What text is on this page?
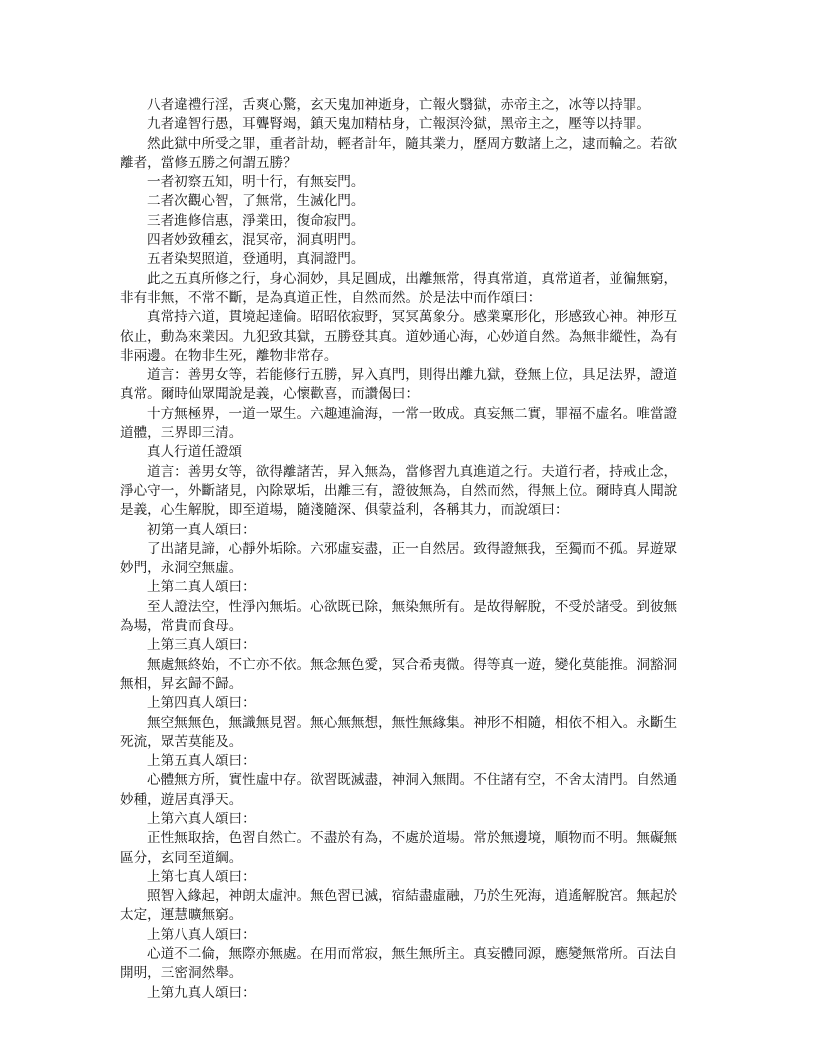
八者違禮行淫，舌爽心驚，玄天鬼加神逝身，亡報火翳獄，赤帝主之，冰等以持罪。

九者違智行愚，耳聾腎竭，鎮天鬼加精枯身，亡報溟泠獄，黑帝主之，壓等以持罪。

然此獄中所受之罪，重者計劫，輕者計年，隨其業力，歷周方數諸上之，逮而輪之。若欲
離者，當修五勝之何謂五勝？

一者初察五知，明十行，有無妄門。

二者次觀心智，了無常，生滅化門。

三者進修信惠，淨業田，復命寂門。

四者妙致種玄，混冥帝，洞真明門。

五者染契照道，登通明，真洞證門。

此之五真所修之行，身心洞妙，具足圓成，出離無常，得真常道，真常道者，並徧無窮，
非有非無，不常不斷，是為真道正性，自然而然。於是法中而作頌曰：

真常持六道，貫境起達倫。昭昭依寂野，冥冥萬象分。感業稟形化，形感致心神。神形互
依止，動為來業因。九犯致其獄，五勝登其真。道妙通心海，心妙道自然。為無非縱性，為有
非兩邊。在物非生死，離物非常存。

道言：善男女等，若能修行五勝，昇入真門，則得出離九獄，登無上位，具足法界，證道
真常。爾時仙眾聞說是義，心懷歡喜，而讚偈曰：

十方無極界，一道一眾生。六趣連淪海，一常一敗成。真妄無二實，罪福不虛名。唯當證
道體，三界即三清。

真人行道任證頌

道言：善男女等，欲得離諸苦，昇入無為，當修習九真進道之行。夫道行者，持戒止念，
淨心守一，外斷諸見，內除眾垢，出離三有，證彼無為，自然而然，得無上位。爾時真人聞說
是義，心生解脫，即至道場，隨淺隨深、俱蒙益利，各稱其力，而說頌曰：

初第一真人頌曰：

了出諸見諦，心靜外垢除。六邪虛妄盡，正一自然居。致得證無我，至獨而不孤。昇遊眾
妙門，永洞空無虛。

上第二真人頌曰：

至人證法空，性淨內無垢。心欲既已除，無染無所有。是故得解脫，不受於諸受。到彼無
為場，常貴而食母。

上第三真人頌曰：

無處無終始，不亡亦不依。無念無色愛，冥合希夷微。得等真一遊，變化莫能推。洞豁洞
無相，昇玄歸不歸。

上第四真人頌曰：

無空無無色，無識無見習。無心無無想，無性無緣集。神形不相隨，相依不相入。永斷生
死流，眾苦莫能及。

上第五真人頌曰：

心體無方所，實性虛中存。欲習既滅盡，神洞入無間。不住諸有空，不舍太清門。自然通
妙種，遊居真淨天。

上第六真人頌曰：

正性無取捨，色習自然亡。不盡於有為，不處於道場。常於無邊境，順物而不明。無礙無
區分，玄同至道綱。

上第七真人頌曰：

照智入緣起，神朗太虛沖。無色習已滅，宿結盡虛融，乃於生死海，逍遙解脫宮。無起於
太定，運慧曠無窮。

上第八真人頌曰：

心道不二倫，無際亦無處。在用而常寂，無生無所主。真妄體同源，應變無常所。百法自
開明，三密洞然舉。

上第九真人頌曰：
